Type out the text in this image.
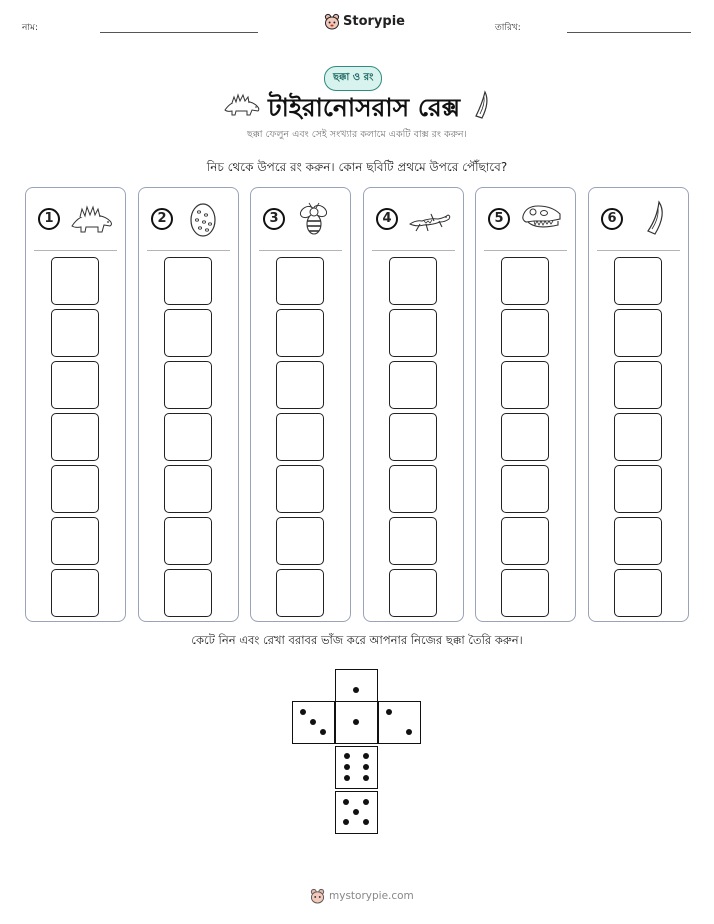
নাম:	Storypie	তারিখ:
ছক্কা ও রং
টাইরানোসরাস রেক্স
ছক্কা ফেলুন এবং সেই সংখ্যার কলামে একটি বাক্স রং করুন।
নিচ থেকে উপরে রং করুন। কোন ছবিটি প্রথমে উপরে পৌঁছাবে?
1	2	3	4	5	6
কেটে নিন এবং রেখা বরাবর ভাঁজ করে আপনার নিজের ছক্কা তৈরি করুন।
mystorypie.com
